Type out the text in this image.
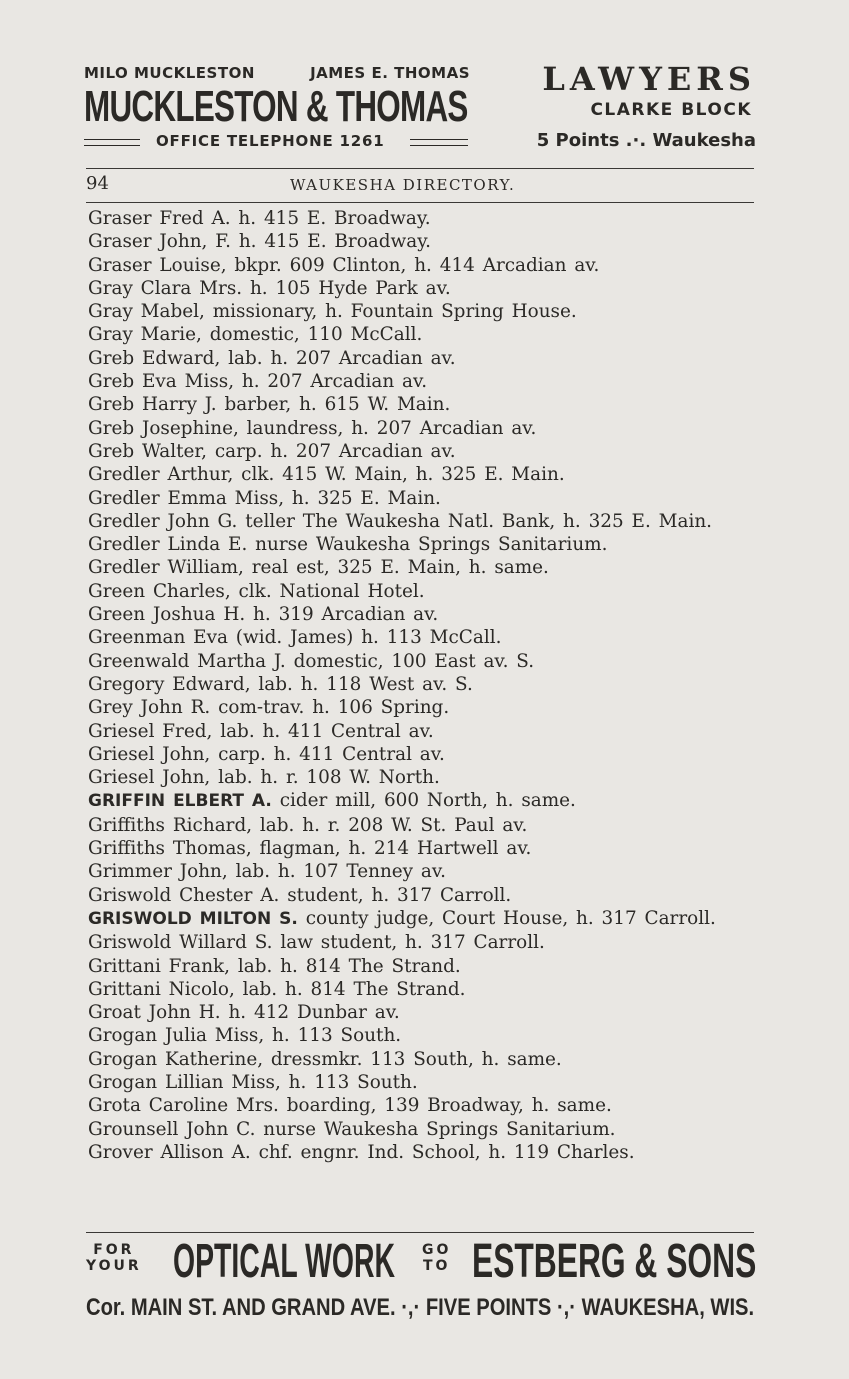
MILO MUCKLESTON	JAMES E. THOMAS
MUCKLESTON & THOMAS
OFFICE TELEPHONE 1261
LAWYERS
CLARKE BLOCK
5 Points .·. Waukesha
94	WAUKESHA DIRECTORY.
Graser Fred A. h. 415 E. Broadway.
Graser John, F. h. 415 E. Broadway.
Graser Louise, bkpr. 609 Clinton, h. 414 Arcadian av.
Gray Clara Mrs. h. 105 Hyde Park av.
Gray Mabel, missionary, h. Fountain Spring House.
Gray Marie, domestic, 110 McCall.
Greb Edward, lab. h. 207 Arcadian av.
Greb Eva Miss, h. 207 Arcadian av.
Greb Harry J. barber, h. 615 W. Main.
Greb Josephine, laundress, h. 207 Arcadian av.
Greb Walter, carp. h. 207 Arcadian av.
Gredler Arthur, clk. 415 W. Main, h. 325 E. Main.
Gredler Emma Miss, h. 325 E. Main.
Gredler John G. teller The Waukesha Natl. Bank, h. 325 E. Main.
Gredler Linda E. nurse Waukesha Springs Sanitarium.
Gredler William, real est, 325 E. Main, h. same.
Green Charles, clk. National Hotel.
Green Joshua H. h. 319 Arcadian av.
Greenman Eva (wid. James) h. 113 McCall.
Greenwald Martha J. domestic, 100 East av. S.
Gregory Edward, lab. h. 118 West av. S.
Grey John R. com-trav. h. 106 Spring.
Griesel Fred, lab. h. 411 Central av.
Griesel John, carp. h. 411 Central av.
Griesel John, lab. h. r. 108 W. North.
GRIFFIN ELBERT A. cider mill, 600 North, h. same.
Griffiths Richard, lab. h. r. 208 W. St. Paul av.
Griffiths Thomas, flagman, h. 214 Hartwell av.
Grimmer John, lab. h. 107 Tenney av.
Griswold Chester A. student, h. 317 Carroll.
GRISWOLD MILTON S. county judge, Court House, h. 317 Carroll.
Griswold Willard S. law student, h. 317 Carroll.
Grittani Frank, lab. h. 814 The Strand.
Grittani Nicolo, lab. h. 814 The Strand.
Groat John H. h. 412 Dunbar av.
Grogan Julia Miss, h. 113 South.
Grogan Katherine, dressmkr. 113 South, h. same.
Grogan Lillian Miss, h. 113 South.
Grota Caroline Mrs. boarding, 139 Broadway, h. same.
Grounsell John C. nurse Waukesha Springs Sanitarium.
Grover Allison A. chf. engnr. Ind. School, h. 119 Charles.
FOR
YOUR OPTICAL WORK GO
TO ESTBERG & SONS
Cor. MAIN ST. AND GRAND AVE. ·,· FIVE POINTS ·,· WAUKESHA, WIS.
